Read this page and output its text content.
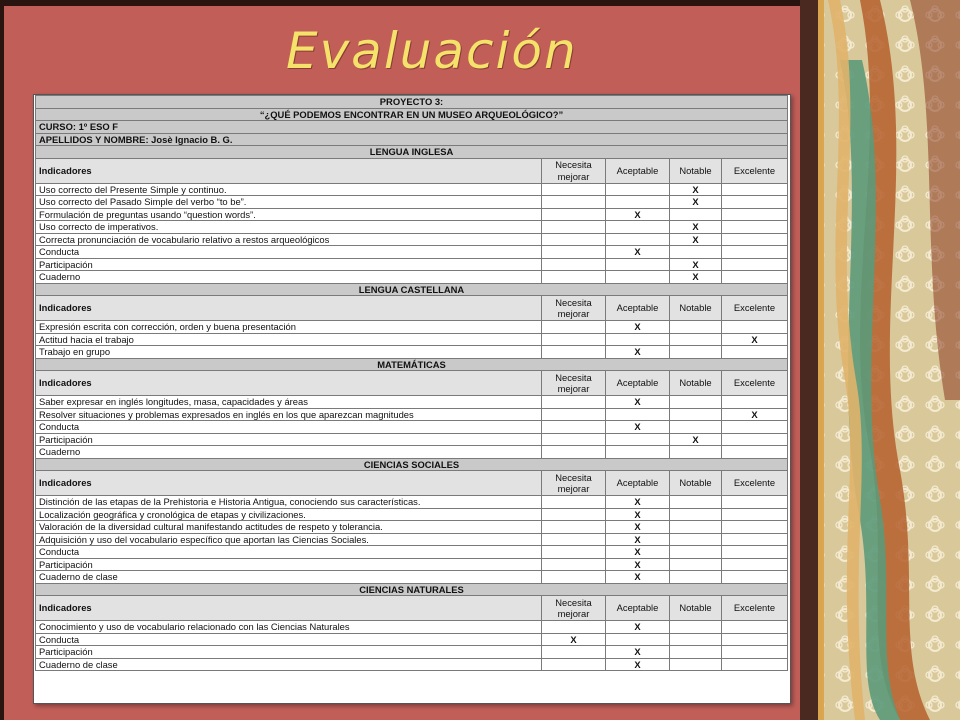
Evaluación
PROYECTO 3:				
“¿QUÉ PODEMOS ENCONTRAR EN UN MUSEO ARQUEOLÓGICO?”				
CURSO: 1º ESO F				
APELLIDOS Y NOMBRE: Josè Ignacio B. G.				
LENGUA INGLESA				
Indicadores	Necesita mejorar	Aceptable	Notable	Excelente
Uso correcto del Presente Simple y continuo.			X	
Uso correcto del Pasado Simple del verbo “to be”.			X	
Formulación de preguntas usando “question words”.		X		
Uso correcto de imperativos.			X	
Correcta pronunciación de vocabulario relativo a restos arqueológicos			X	
Conducta		X		
Participación			X	
Cuaderno			X	
LENGUA CASTELLANA				
Indicadores	Necesita mejorar	Aceptable	Notable	Excelente
Expresión escrita con corrección, orden y buena presentación		X		
Actitud hacia el trabajo				X
Trabajo en grupo		X		
MATEMÁTICAS				
Indicadores	Necesita mejorar	Aceptable	Notable	Excelente
Saber expresar en inglés longitudes, masa, capacidades y áreas		X		
Resolver situaciones y problemas expresados en inglés en los que aparezcan magnitudes				X
Conducta		X		
Participación			X	
Cuaderno				
CIENCIAS SOCIALES				
Indicadores	Necesita mejorar	Aceptable	Notable	Excelente
Distinción de las etapas de la Prehistoria e Historia Antigua, conociendo sus características.		X		
Localización geográfica y cronológica de etapas y civilizaciones.		X		
Valoración de la diversidad cultural manifestando actitudes de respeto y tolerancia.		X		
Adquisición y uso del vocabulario específico que aportan las Ciencias Sociales.		X		
Conducta		X		
Participación		X		
Cuaderno de clase		X		
CIENCIAS NATURALES				
Indicadores	Necesita mejorar	Aceptable	Notable	Excelente
Conocimiento y uso de vocabulario relacionado con las Ciencias Naturales		X		
Conducta	X			
Participación		X		
Cuaderno de clase		X		
